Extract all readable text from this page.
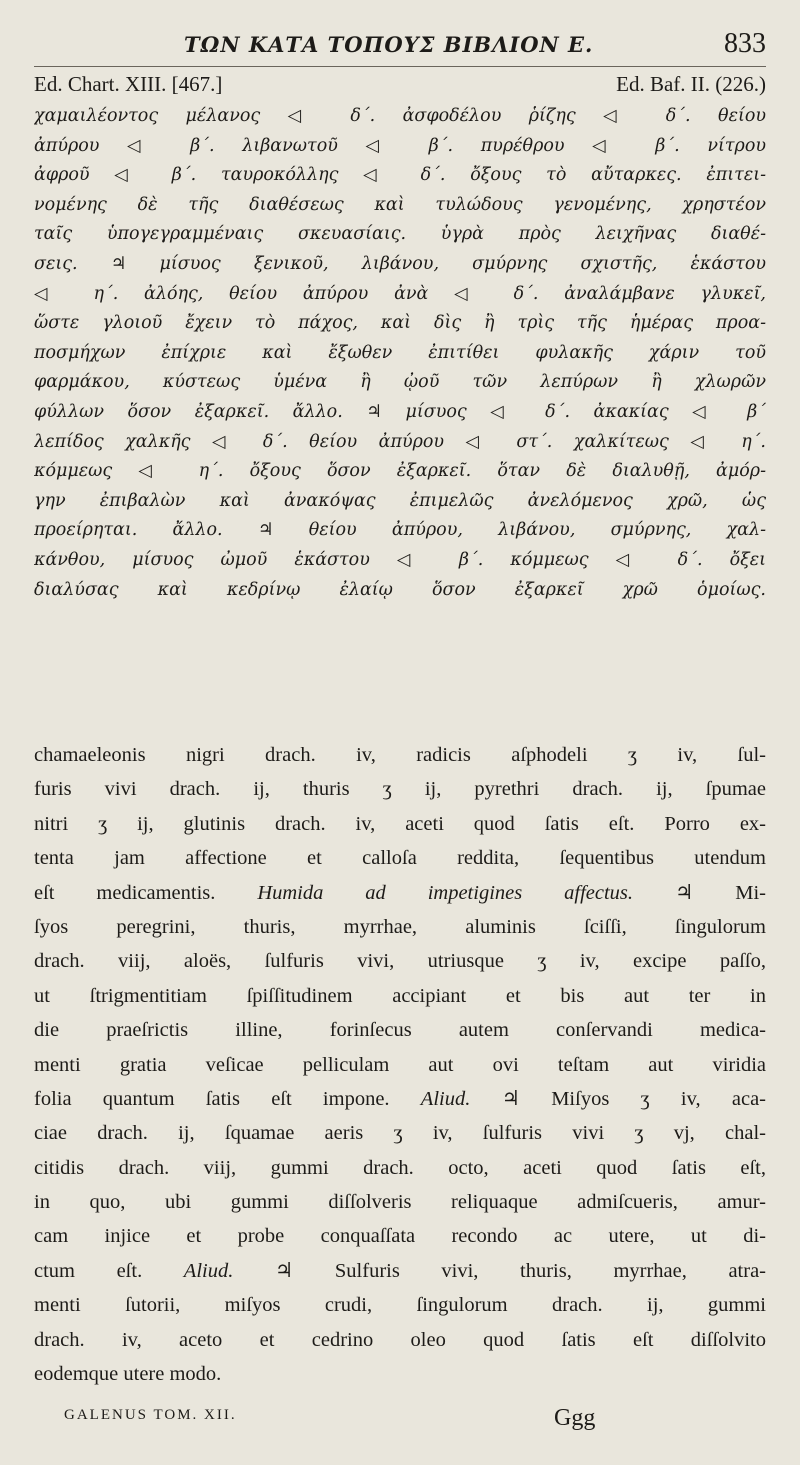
ΤΩΝ ΚΑΤΑ ΤΟΠΟΥΣ ΒΙΒΛΙΟΝ Ε.	833
Ed. Chart. XIII. [467.]	Ed. Baf. II. (226.)
χαμαιλέοντος μέλανος ◁ δ΄. ἀσφοδέλου ῥίζης ◁ δ΄. θείου
ἀπύρου ◁ β΄. λιβανωτοῦ ◁ β΄. πυρέθρου ◁ β΄. νίτρου
ἀφροῦ ◁ β΄. ταυροκόλλης ◁ δ΄. ὄξους τὸ αὔταρκες. ἐπιτει-
νομένης δὲ τῆς διαθέσεως καὶ τυλώδους γενομένης, χρηστέον
ταῖς ὑπογεγραμμέναις σκευασίαις. ὑγρὰ πρὸς λειχῆνας διαθέ-
σεις. ♃ μίσυος ξενικοῦ, λιβάνου, σμύρνης σχιστῆς, ἑκάστου
◁ η΄. ἀλόης, θείου ἀπύρου ἀνὰ ◁ δ΄. ἀναλάμβανε γλυκεῖ,
ὥστε γλοιοῦ ἔχειν τὸ πάχος, καὶ δὶς ἢ τρὶς τῆς ἡμέρας προα-
ποσμήχων ἐπίχριε καὶ ἔξωθεν ἐπιτίθει φυλακῆς χάριν τοῦ
φαρμάκου, κύστεως ὑμένα ἢ ᾠοῦ τῶν λεπύρων ἢ χλωρῶν
φύλλων ὅσον ἐξαρκεῖ. ἄλλο. ♃ μίσυος ◁ δ΄. ἀκακίας ◁ β΄
λεπίδος χαλκῆς ◁ δ΄. θείου ἀπύρου ◁ στ΄. χαλκίτεως ◁ η΄.
κόμμεως ◁ η΄. ὄξους ὅσον ἐξαρκεῖ. ὅταν δὲ διαλυθῇ, ἀμόρ-
γην ἐπιβαλὼν καὶ ἀνακόψας ἐπιμελῶς ἀνελόμενος χρῶ, ὡς
προείρηται. ἄλλο. ♃ θείου ἀπύρου, λιβάνου, σμύρνης, χαλ-
κάνθου, μίσυος ὠμοῦ ἑκάστου ◁ β΄. κόμμεως ◁ δ΄. ὄξει
διαλύσας καὶ κεδρίνῳ ἐλαίῳ ὅσον ἐξαρκεῖ χρῶ ὁμοίως.
chamaeleonis nigri drach. iv, radicis aſphodeli ʒ iv, ſul-
furis vivi drach. ij, thuris ʒ ij, pyrethri drach. ij, ſpumae
nitri ʒ ij, glutinis drach. iv, aceti quod ſatis eſt. Porro ex-
tenta jam affectione et calloſa reddita, ſequentibus utendum
eſt medicamentis. Humida ad impetigines affectus. ♃ Mi-
ſyos peregrini, thuris, myrrhae, aluminis ſciſſi, ſingulorum
drach. viij, aloës, ſulfuris vivi, utriusque ʒ iv, excipe paſſo,
ut ſtrigmentitiam ſpiſſitudinem accipiant et bis aut ter in
die praeſrictis illine, forinſecus autem conſervandi medica-
menti gratia veſicae pelliculam aut ovi teſtam aut viridia
folia quantum ſatis eſt impone. Aliud. ♃ Miſyos ʒ iv, aca-
ciae drach. ij, ſquamae aeris ʒ iv, ſulfuris vivi ʒ vj, chal-
citidis drach. viij, gummi drach. octo, aceti quod ſatis eſt,
in quo, ubi gummi diſſolveris reliquaque admiſcueris, amur-
cam injice et probe conquaſſata recondo ac utere, ut di-
ctum eſt. Aliud. ♃ Sulfuris vivi, thuris, myrrhae, atra-
menti ſutorii, miſyos crudi, ſingulorum drach. ij, gummi
drach. iv, aceto et cedrino oleo quod ſatis eſt diſſolvito
eodemque utere modo.
GALENUS TOM. XII.	Ggg
